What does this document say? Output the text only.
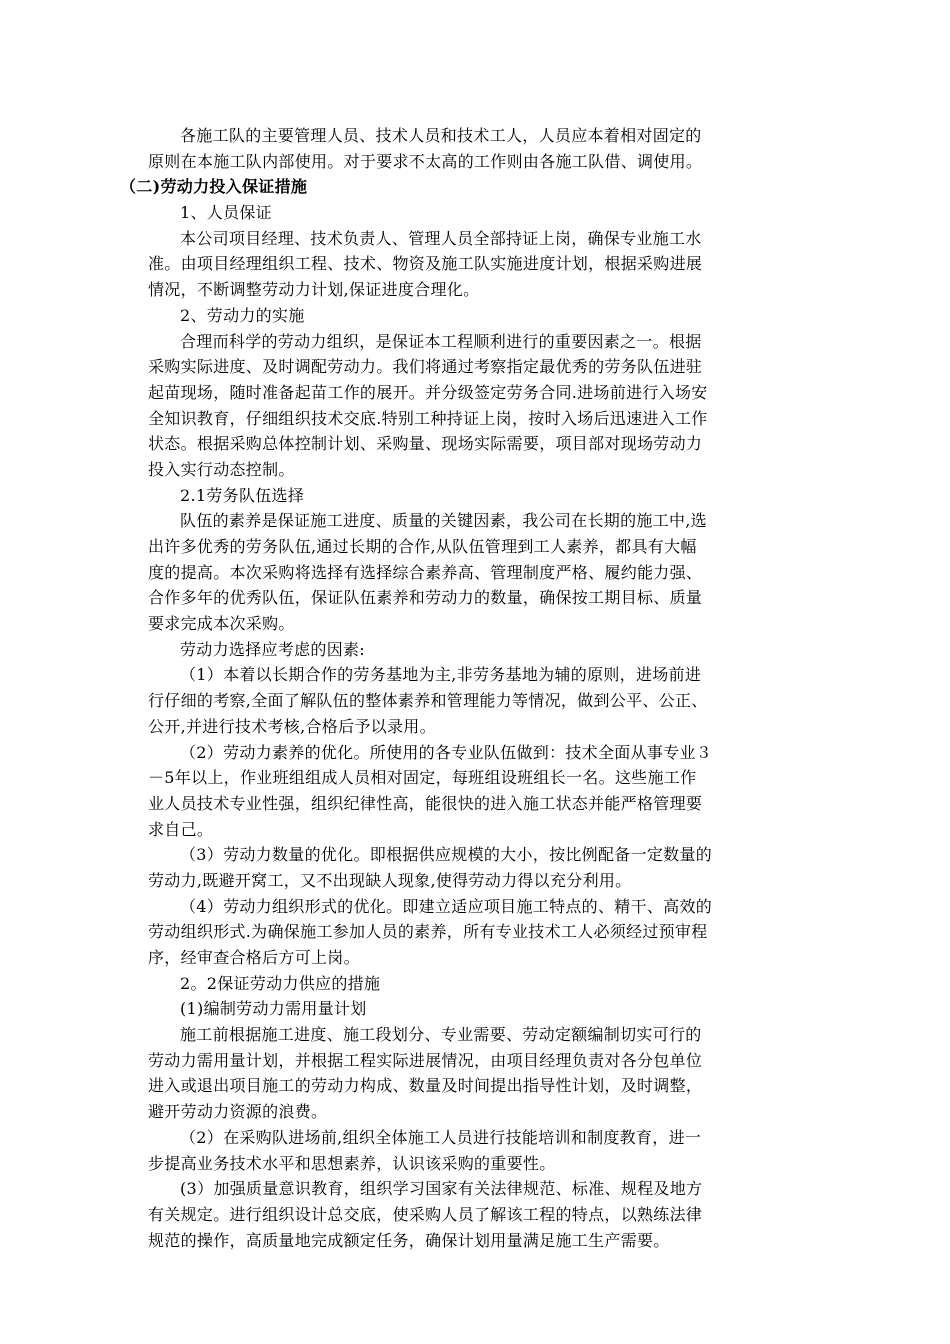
各施工队的主要管理人员、技术人员和技术工人，人员应本着相对固定的
原则在本施工队内部使用。对于要求不太高的工作则由各施工队借、调使用。
（二)劳动力投入保证措施
1、人员保证
本公司项目经理、技术负责人、管理人员全部持证上岗，确保专业施工水
准。由项目经理组织工程、技术、物资及施工队实施进度计划，根据采购进展
情况，不断调整劳动力计划,保证进度合理化。
2、劳动力的实施
合理而科学的劳动力组织，是保证本工程顺利进行的重要因素之一。根据
采购实际进度、及时调配劳动力。我们将通过考察指定最优秀的劳务队伍进驻
起苗现场，随时准备起苗工作的展开。并分级签定劳务合同.进场前进行入场安
全知识教育，仔细组织技术交底.特别工种持证上岗，按时入场后迅速进入工作
状态。根据采购总体控制计划、采购量、现场实际需要，项目部对现场劳动力
投入实行动态控制。
2.1劳务队伍选择
队伍的素养是保证施工进度、质量的关键因素，我公司在长期的施工中,选
出许多优秀的劳务队伍,通过长期的合作,从队伍管理到工人素养，都具有大幅
度的提高。本次采购将选择有选择综合素养高、管理制度严格、履约能力强、
合作多年的优秀队伍，保证队伍素养和劳动力的数量，确保按工期目标、质量
要求完成本次采购。
劳动力选择应考虑的因素:
（1）本着以长期合作的劳务基地为主,非劳务基地为辅的原则，进场前进
行仔细的考察,全面了解队伍的整体素养和管理能力等情况，做到公平、公正、
公开,并进行技术考核,合格后予以录用。
（2）劳动力素养的优化。所使用的各专业队伍做到：技术全面从事专业３
－5年以上，作业班组组成人员相对固定，每班组设班组长一名。这些施工作
业人员技术专业性强，组织纪律性高，能很快的进入施工状态并能严格管理要
求自己。
（3）劳动力数量的优化。即根据供应规模的大小，按比例配备一定数量的
劳动力,既避开窝工，又不出现缺人现象,使得劳动力得以充分利用。
（4）劳动力组织形式的优化。即建立适应项目施工特点的、精干、高效的
劳动组织形式.为确保施工参加人员的素养，所有专业技术工人必须经过预审程
序，经审查合格后方可上岗。
2。2保证劳动力供应的措施
(1)编制劳动力需用量计划
施工前根据施工进度、施工段划分、专业需要、劳动定额编制切实可行的
劳动力需用量计划，并根据工程实际进展情况，由项目经理负责对各分包单位
进入或退出项目施工的劳动力构成、数量及时间提出指导性计划，及时调整，
避开劳动力资源的浪费。
（2）在采购队进场前,组织全体施工人员进行技能培训和制度教育，进一
步提高业务技术水平和思想素养，认识该采购的重要性。
(3）加强质量意识教育，组织学习国家有关法律规范、标准、规程及地方
有关规定。进行组织设计总交底，使采购人员了解该工程的特点，以熟练法律
规范的操作，高质量地完成额定任务，确保计划用量满足施工生产需要。
